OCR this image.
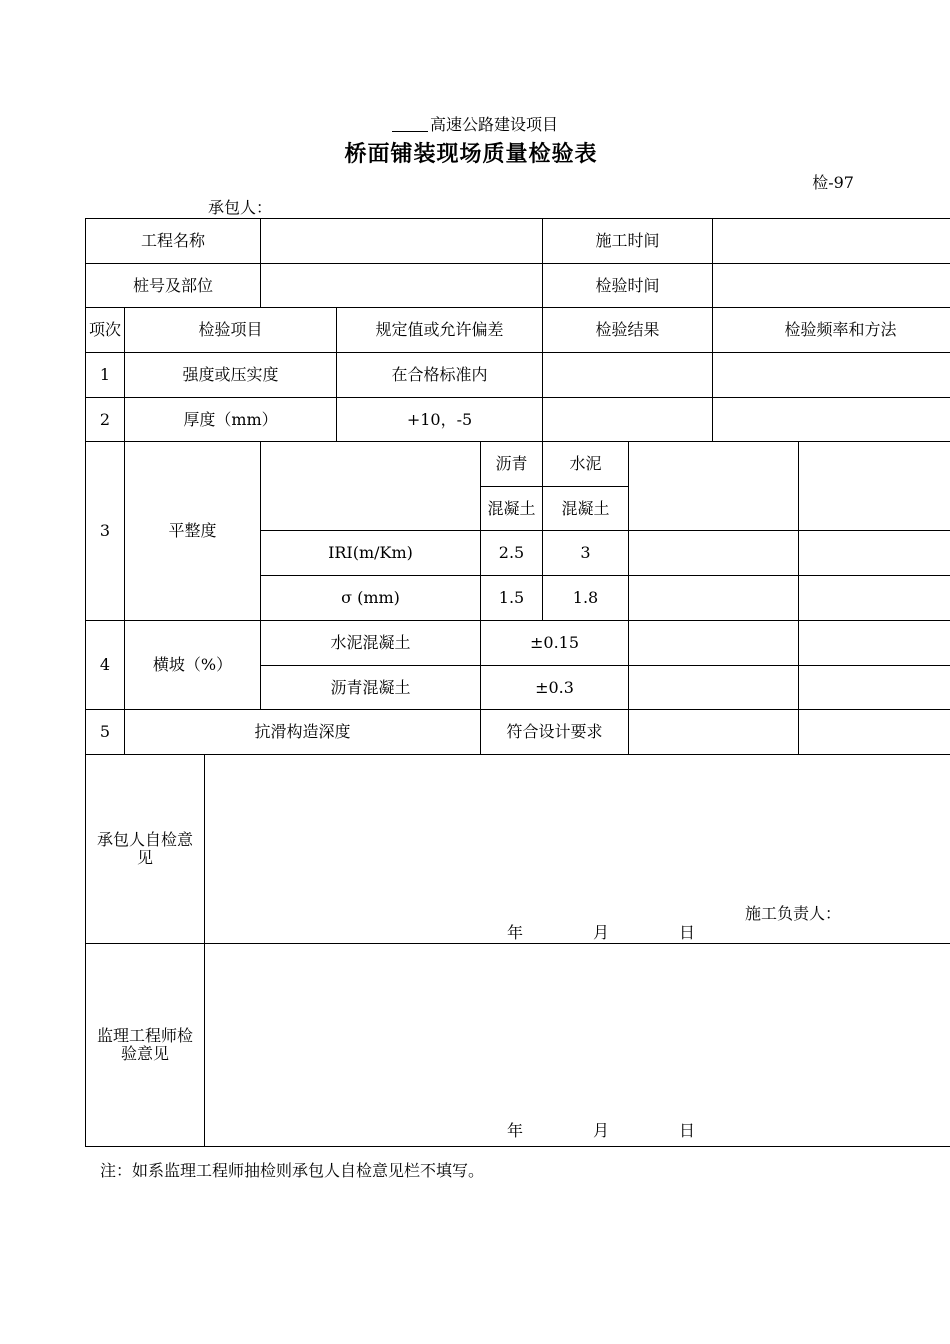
高速公路建设项目
桥面铺装现场质量检验表
检-97
承包人：
工程名称						施工时间			
桩号及部位						检验时间			
项次	检验项目			规定值或允许偏差		检验结果		检验频率和方法	
1	强度或压实度			在合格标准内					
2	厚度（mm）			+10，-5					
3	平整度				沥青	水泥			
					混凝土	混凝土			
			IRI(m/Km)		2.5	3			
			σ (mm)		1.5	1.8			
4	横坡（%）		水泥混凝土		±0.15				
			沥青混凝土		±0.3				
5	抗滑构造深度				符合设计要求				
承包人自检意见		施工负责人：
年 月 日							

监理工程师检验意见		年 月 日							
注：如系监理工程师抽检则承包人自检意见栏不填写。
